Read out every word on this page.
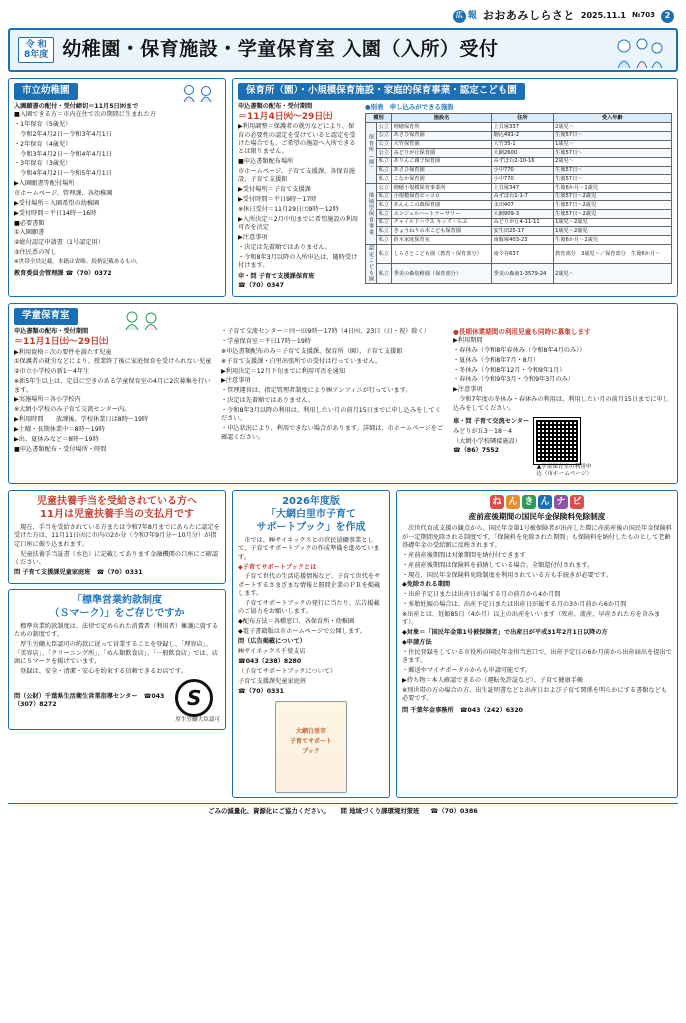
広 報 おおあみしらさと 2025.11.1 №703	2
令 和
8年度 幼稚園・保育施設・学童保育室 入園（入所）受付
市立幼稚園
入園願書の配付・受付締切＝11月5日㈬まで

■入園できる方＝市内在住で次の期間に生まれた方

・1年保育（5歳児）

　令和2年4月2日～令和3年4月1日

・2年保育（4歳児）

　令和3年4月2日～令和4年4月1日

・3年保育（3歳児）

　令和4年4月2日～令和5年4月1日

▶入園願書等配付場所

市ホームページ、管理課、各幼稚園

▶受付場所＝入園希望の幼稚園

▶受付時間＝平日14時～16時

■必要書類

①入園願書

②総付認定申請書（1号認定用）

③住民票の写し

※世帯全員記載。本籍は省略、続柄記載あるもの。

教育委員会管理課 ☎（70）0372

保育所（園）・小規模保育施設・家庭的保育事業・認定こども園
申込書類の配布・受付期間
＝11月4日㈫～29日㈯

▶利用調整＝保護者の就労などにより、保育の必要性の認定を受けていると認定を受けた場合でも、ご希望の施設へ入所できるとは限りません。

■申込書類配布場所

市ホームページ、子育て支援課、各保育施設、子育て支援館

▶受付場所＝子育て支援課

▶受付時間＝平日9時～17時

※休日受付＝11月29日㈯9時～12時

▶入所決定＝2月中旬までに希望施設の利用可否を決定

▶注意事項

・決定は先着順ではありません。

・令和8年3月以降の入所申込は、随時受け付けます。

申・問 子育て支援課保育班

☎（70）0347

●別表　申し込みができる施設
種別		施設名	住所	受入年齢
保育所（園）	公立	増穂保育所	上貝塚337	2歳児～
	公立	あさひ保育園	駒込491-2	生後57日～
	公立	大竹保育園	大竹35-1	1歳児～
	公立	みどりが丘保育園	大網2600	生後57日～
	私立	ありんこ親子保育園	みずほ台2-10-16	2歳児～
	私立	あさひ保育園	小中770	生後57日～
	私立	こなか保育園	小中770	生後57日～
地域型保育事業	公立	増穂小規模保育事業所	上貝塚347	生後6か月～1歳児
	私立	小規模保育ピッコロ	みずほ台1-1-7	生後57日～2歳児
	私立	あんんこの森保育園	永田407	生後57日～2歳児
	私立	エンジェルハートナーサリー	大網909-3	生後57日～2歳児
	私立	チャイルドハウス キッズ・らぶ	みどりが丘4-11-11	1歳児～2歳児
	私立	きょうねりの木こども保育園	安生田25-17	1歳児～2歳児
	私立	鈴木家庭保育室	南飯塚403-23	生後6か月～2歳児
認定こども園	私立	しらさとこども園（教育・保育部分）	南令谷637	教育部分　3歳児～／保育部分　生後6か月～
	私立	季美の森幼稚園（保育部分）	季美の森南1-3579-24	2歳児～
学童保育室
申込書類の配布・受付期間
＝11月1日㈯～29日㈯

▶利用資格＝次の要件を満たす児童

①保護者の就労などにより、授業終了後に家庭保育を受けられない児童

②市立小学校の新1～4年生

※新5年生以上は、定員に空きのある学童保育室の4月に2次募集を行います。

▶実施場所＝各小学校内

※大網小学校のみ子育て交流センター内。

▶利用時間　　放課後、学校休業日は8時～19時

▶土曜・長期休業中＝8時～19時

▶出、夏休みなど＝8時～19時

■申込書類配布・受付場所・時間

・子育て交流センター＝㈪～㈰9時～17時（4日㈫、23日（日・祝）除く）

・学童保育室＝平日17時～19時

※申込書類配布のみ＝子育て支援課、保育所（園）、子育て支援館

※子育て支援課・白里出張所での受付は行っていません。

▶利用決定＝12月下旬までに利用可否を通知

▶注意事項

・管理運営は、指定管理者制度により㈱アンフィニが行っています。

・決定は先着順ではありません。

・令和8年3月以降の利用は、利用したい月の前月15日までに申し込みをしてください。

・申込状況により、利用できない場合があります。詳細は、市ホームページをご確認ください。

●長期休業期間の利用児童も同時に募集します

▶利用期間

・春休み（令和8年春休み（令和8年4月のみ））

・夏休み（令和8年7月・8月）

・冬休み（令和8年12月・令和9年1月）

・春休み（令和9年3月・令和9年3月のみ）

▶注意事項

　令和7年度の冬休み・春休みの利用は、利用したい月の前月15日までに申し込みをしてください。

車・問 子育て交流センター

みどりが丘3－18－4

（大網小学校隣接施設）

☎（86）7552

▲学童保育室の利用申込（市ホームページ）
児童扶養手当を受給されている方へ
11月は児童扶養手当の支払月です

　現在、手当を受給されている方または令和7年8月までにあらたに認定を受けた方は、11月11日㈫に市内の2か分（令和7年9月分～10月分）が指定口座に振り込まれます。

　児童扶養手当証書（水色）に記載してあります金融機関の口座にご確認ください。

問 子育て支援課児童家庭班　☎（70）0331

「標準営業約款制度
（Ｓマーク）」をご存じですか

　標準営業約款制度は、法律で定められた消費者（利用者）擁護に資するための制度です。

　厚生労働大臣認可の約款に従って営業することを登録し、「理容店」、「美容店」、「クリーニング所」、「めん類飲食店」、「一般飲食店」では、店頭にＳマークを掲げています。

　登録は、安全・清潔・安心を約束する信頼できるお店です。

問（公財）千葉県生活衛生営業指導センター　☎043（307）8272	S
厚生労働大臣認可
2026年度版
「大網白里市子育て
サポートブック」を作成

　市では、㈱サイネックスとの官民協働事業として、子育てサポートブックの作成準備を進めています。

◆子育てサポートブックとは

　子育て世代の生活応援情報など、子育て世代をサポートするさまざまな情報と冊間企業のＰＲを掲載します。

　子育てサポートブックの発行に当たり、広告掲載のご協力をお願いします。

◆配布方法＝各種窓口、各保育所・幼稚園

◆電子書籍版は市ホームページで公開します。

問（広告掲載について）

㈱サイネックス千葉支店

☎043（238）8280

（子育てサポートブックについて）

子育て支援課児童家庭班

☎（70）0331

大網白里市
子育てサポート
ブック
ね ん き ん ナ ビ
産前産後期間の国民年金保険料免除制度

　次世代育成支援の観点から、国民年金第1号被保険者が出産した際に産前産後の国民年金保険料が一定期間免除される制度です。「保険料を免除された期間」も保険料を納付したものとして老齢基礎年金の受給額に反映されます。

・産前産後期間は対象期間を納付付できます

・産前産後期間は保険料を前納している場合、全額還付付されます。

・現在、国民年金保険料免除制度を利用されている方も手続きが必要です。

◆免除される期間

・出産予定日または出産日が属する月の前月から4か月間

・多胎妊娠の場合は、出産予定日または出産日が属する月の3か月前から6か月間

※出産とは、妊娠85日（4か月）以上の出産をいいます（死産、流産、早産された方を含みます）。

◆対象＝「国民年金第1号被保険者」で出産日が平成31年2月1日以降の方

◆申請方法

・住民登録をしている市役所の国民年金担当窓口で、出産予定日の6か月前から出産届出を提出できます。

・郵送やマイナポータルからも申請可能です。

▶持ち物＝本人確認できるの（運転免許証など）、子育て健康手帳

※別世帯の方の場合の方、出生証明書などと出産日および子育て関係を明らかにする書類なども必要です。

問 千葉年金事務所　☎043（242）6320

ごみの減量化、資源化にご協力ください。 　 問 地域づくり課環境対策班 　 ☎（70）0386
